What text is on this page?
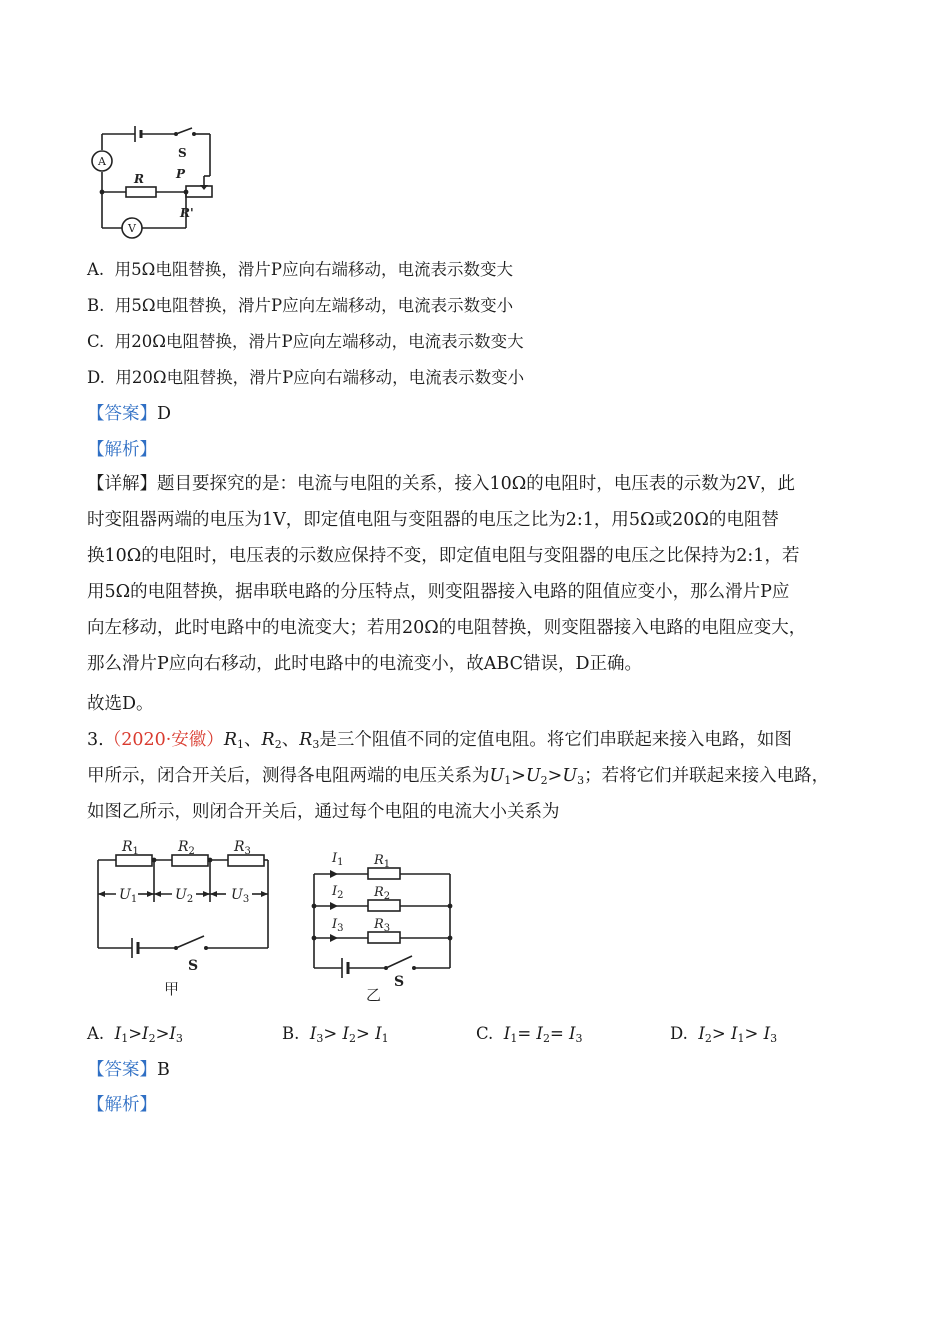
A
V
S
R	P
R'
A. 用5Ω电阻替换，滑片P应向右端移动，电流表示数变大
B. 用5Ω电阻替换，滑片P应向左端移动，电流表示数变小
C. 用20Ω电阻替换，滑片P应向左端移动，电流表示数变大
D. 用20Ω电阻替换，滑片P应向右端移动，电流表示数变小
【答案】D
【解析】
【详解】题目要探究的是：电流与电阻的关系，接入10Ω的电阻时，电压表的示数为2V，此
时变阻器两端的电压为1V，即定值电阻与变阻器的电压之比为2:1，用5Ω或20Ω的电阻替
换10Ω的电阻时，电压表的示数应保持不变，即定值电阻与变阻器的电压之比保持为2:1，若
用5Ω的电阻替换，据串联电路的分压特点，则变阻器接入电路的阻值应变小，那么滑片P应
向左移动，此时电路中的电流变大；若用20Ω的电阻替换，则变阻器接入电路的电阻应变大，
那么滑片P应向右移动，此时电路中的电流变小，故ABC错误，D正确。
故选D。
3.（2020·安徽）$R_1$、$R_2$、$R_3$是三个阻值不同的定值电阻。将它们串联起来接入电路，如图
甲所示，闭合开关后，测得各电阻两端的电压关系为$U_1>U_2>U_3$；若将它们并联起来接入电路，
如图乙所示，则闭合开关后，通过每个电阻的电流大小关系为
$R_1$	$R_2$	$R_3$
$U_1$	$U_2$	$U_3$
S
甲
$I_1$
$I_2$
$I_3$
$R_1$
$R_2$
$R_3$
S
乙
A. $I_1>I_2>I_3$	B. $I_3> I_2> I_1$	C. $I_1= I_2= I_3$	D. $I_2> I_1> I_3$
【答案】B
【解析】
